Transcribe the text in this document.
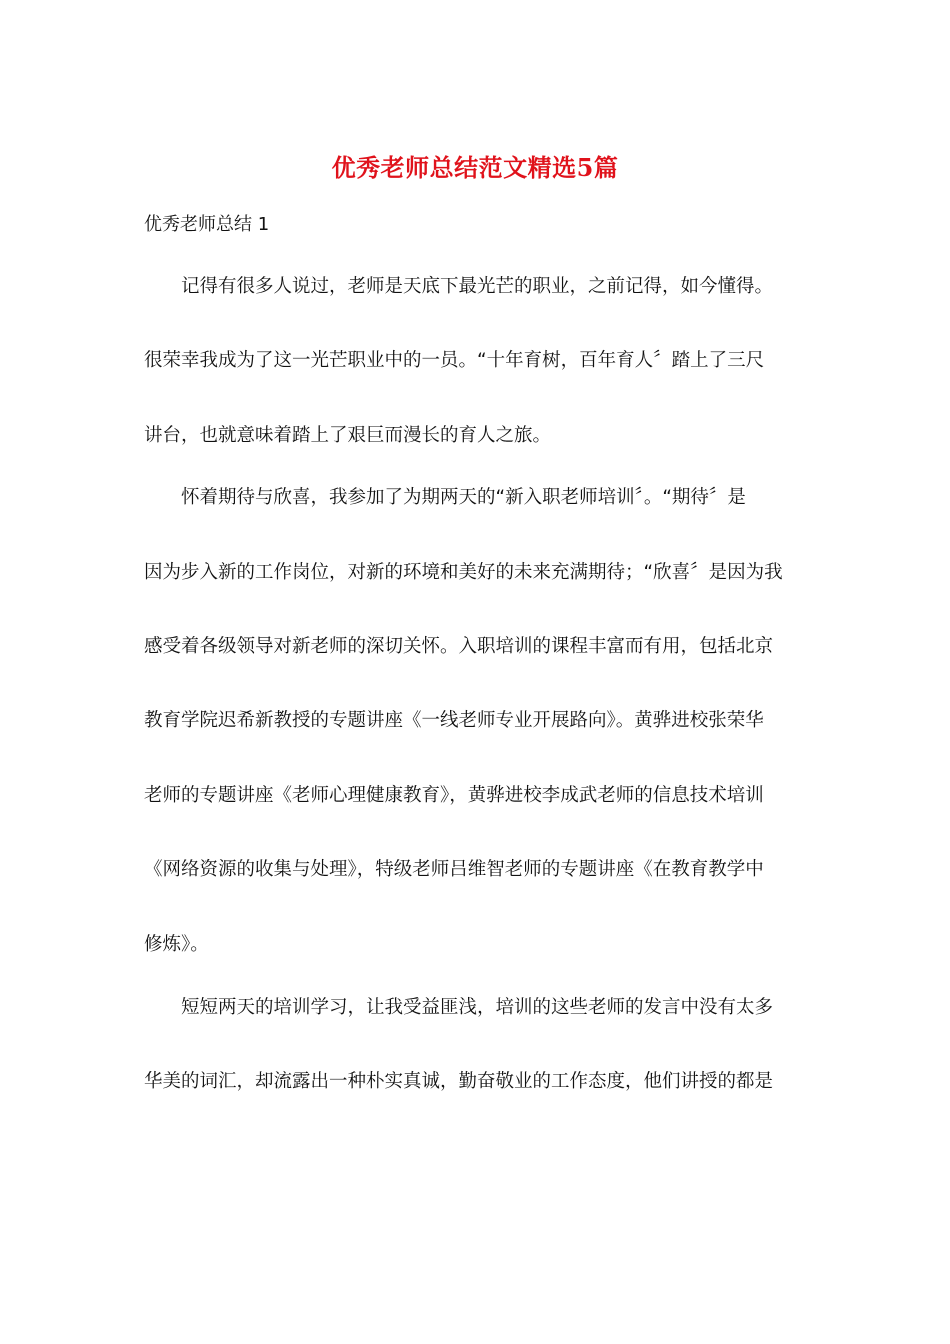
优秀老师总结范文精选5篇
优秀老师总结 1
记得有很多人说过，老师是天底下最光芒的职业，之前记得，如今懂得。
很荣幸我成为了这一光芒职业中的一员。“十年育树，百年育人〞踏上了三尺
讲台，也就意味着踏上了艰巨而漫长的育人之旅。
怀着期待与欣喜，我参加了为期两天的“新入职老师培训〞。“期待〞是
因为步入新的工作岗位，对新的环境和美好的未来充满期待；“欣喜〞是因为我
感受着各级领导对新老师的深切关怀。入职培训的课程丰富而有用，包括北京
教育学院迟希新教授的专题讲座《一线老师专业开展路向》。黄骅进校张荣华
老师的专题讲座《老师心理健康教育》，黄骅进校李成武老师的信息技术培训
《网络资源的收集与处理》，特级老师吕维智老师的专题讲座《在教育教学中
修炼》。
短短两天的培训学习，让我受益匪浅，培训的这些老师的发言中没有太多
华美的词汇，却流露出一种朴实真诚，勤奋敬业的工作态度，他们讲授的都是
